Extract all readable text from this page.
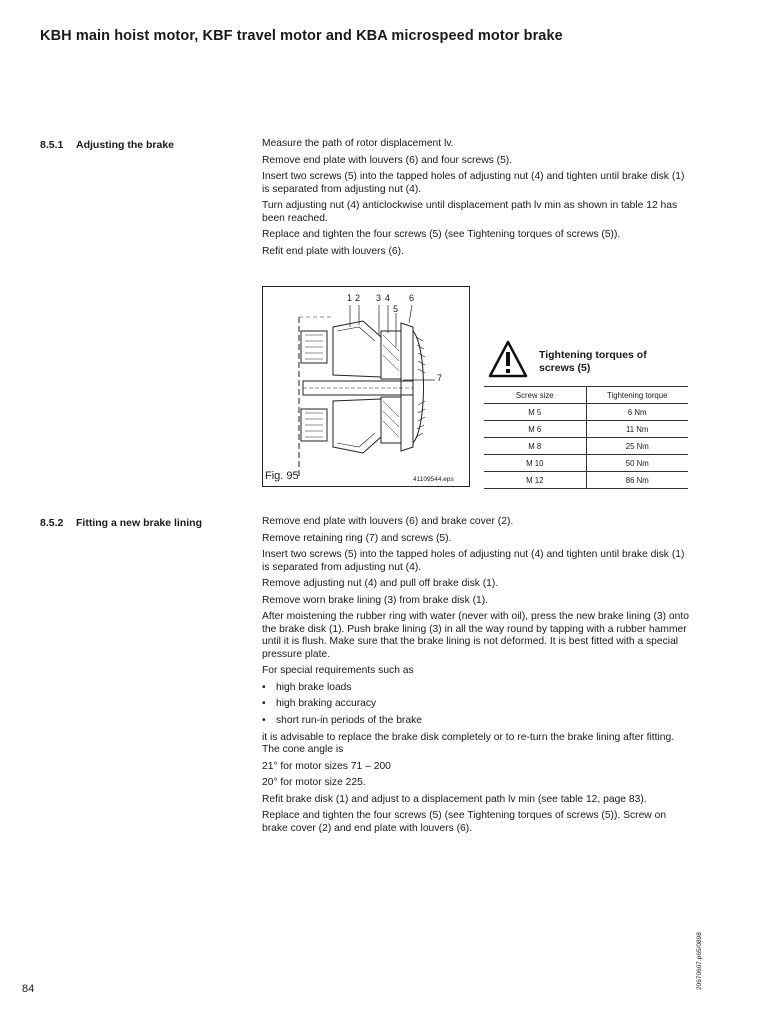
KBH main hoist motor, KBF travel motor and KBA microspeed motor brake
8.5.1 Adjusting the brake	Measure the path of rotor displacement lv.

Remove end plate with louvers (6) and four screws (5).

Insert two screws (5) into the tapped holes of adjusting nut (4) and tighten until brake disk (1) is separated from adjusting nut (4).

Turn adjusting nut (4) anticlockwise until displacement path lv min as shown in table 12 has been reached.

Replace and tighten the four screws (5) (see Tightening torques of screws (5)).

Refit end plate with louvers (6).

1 2 3 4
5
6
7
Fig. 95	41109544.eps
Tightening torques of screws (5)
Screw size	Tightening torque
M 5	6 Nm
M 6	11 Nm
M 8	25 Nm
M 10	50 Nm
M 12	86 Nm
8.5.2 Fitting a new brake lining	Remove end plate with louvers (6) and brake cover (2).

Remove retaining ring (7) and screws (5).

Insert two screws (5) into the tapped holes of adjusting nut (4) and tighten until brake disk (1) is separated from adjusting nut (4).

Remove adjusting nut (4) and pull off brake disk (1).

Remove worn brake lining (3) from brake disk (1).

After moistening the rubber ring with water (never with oil), press the new brake lining (3) onto the brake disk (1). Push brake lining (3) in all the way round by tapping with a rubber hammer until it is flush. Make sure that the brake lining is not deformed. It is best fitted with a special pressure plate.

For special requirements such as

• high brake loads

• high braking accuracy

• short run-in periods of the brake

it is advisable to replace the brake disk completely or to re-turn the brake lining after fitting. The cone angle is

21° for motor sizes 71 – 200

20° for motor size 225.

Refit brake disk (1) and adjust to a displacement path lv min (see table 12, page 83).

Replace and tighten the four screws (5) (see Tightening torques of screws (5)). Screw on brake cover (2) and end plate with louvers (6).

84	20670607.p65/0898
